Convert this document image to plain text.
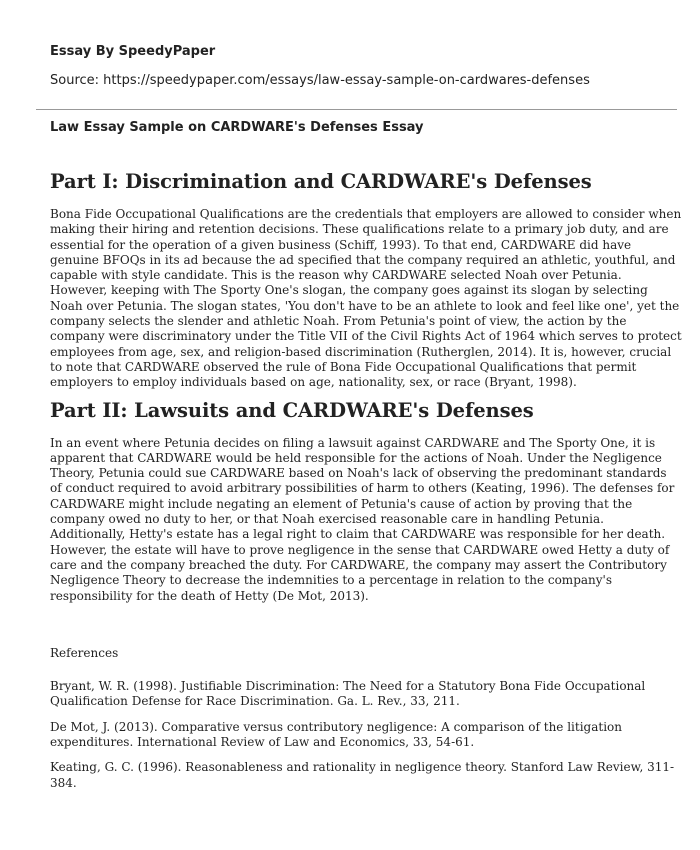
Essay By SpeedyPaper
Source: https://speedypaper.com/essays/law-essay-sample-on-cardwares-defenses
Law Essay Sample on CARDWARE's Defenses Essay
Part I: Discrimination and CARDWARE's Defenses

Bona Fide Occupational Qualifications are the credentials that employers are allowed to consider when making their hiring and retention decisions. These qualifications relate to a primary job duty, and are essential for the operation of a given business (Schiff, 1993). To that end, CARDWARE did have genuine BFOQs in its ad because the ad specified that the company required an athletic, youthful, and capable with style candidate. This is the reason why CARDWARE selected Noah over Petunia. However, keeping with The Sporty One's slogan, the company goes against its slogan by selecting Noah over Petunia. The slogan states, 'You don't have to be an athlete to look and feel like one', yet the company selects the slender and athletic Noah. From Petunia's point of view, the action by the company were discriminatory under the Title VII of the Civil Rights Act of 1964 which serves to protect employees from age, sex, and religion-based discrimination (Rutherglen, 2014). It is, however, crucial to note that CARDWARE observed the rule of Bona Fide Occupational Qualifications that permit employers to employ individuals based on age, nationality, sex, or race (Bryant, 1998).

Part II: Lawsuits and CARDWARE's Defenses

In an event where Petunia decides on filing a lawsuit against CARDWARE and The Sporty One, it is apparent that CARDWARE would be held responsible for the actions of Noah. Under the Negligence Theory, Petunia could sue CARDWARE based on Noah's lack of observing the predominant standards of conduct required to avoid arbitrary possibilities of harm to others (Keating, 1996). The defenses for CARDWARE might include negating an element of Petunia's cause of action by proving that the company owed no duty to her, or that Noah exercised reasonable care in handling Petunia. Additionally, Hetty's estate has a legal right to claim that CARDWARE was responsible for her death. However, the estate will have to prove negligence in the sense that CARDWARE owed Hetty a duty of care and the company breached the duty. For CARDWARE, the company may assert the Contributory Negligence Theory to decrease the indemnities to a percentage in relation to the company's responsibility for the death of Hetty (De Mot, 2013).

References

Bryant, W. R. (1998). Justifiable Discrimination: The Need for a Statutory Bona Fide Occupational Qualification Defense for Race Discrimination. Ga. L. Rev., 33, 211.

De Mot, J. (2013). Comparative versus contributory negligence: A comparison of the litigation expenditures. International Review of Law and Economics, 33, 54-61.

Keating, G. C. (1996). Reasonableness and rationality in negligence theory. Stanford Law Review, 311-384.
